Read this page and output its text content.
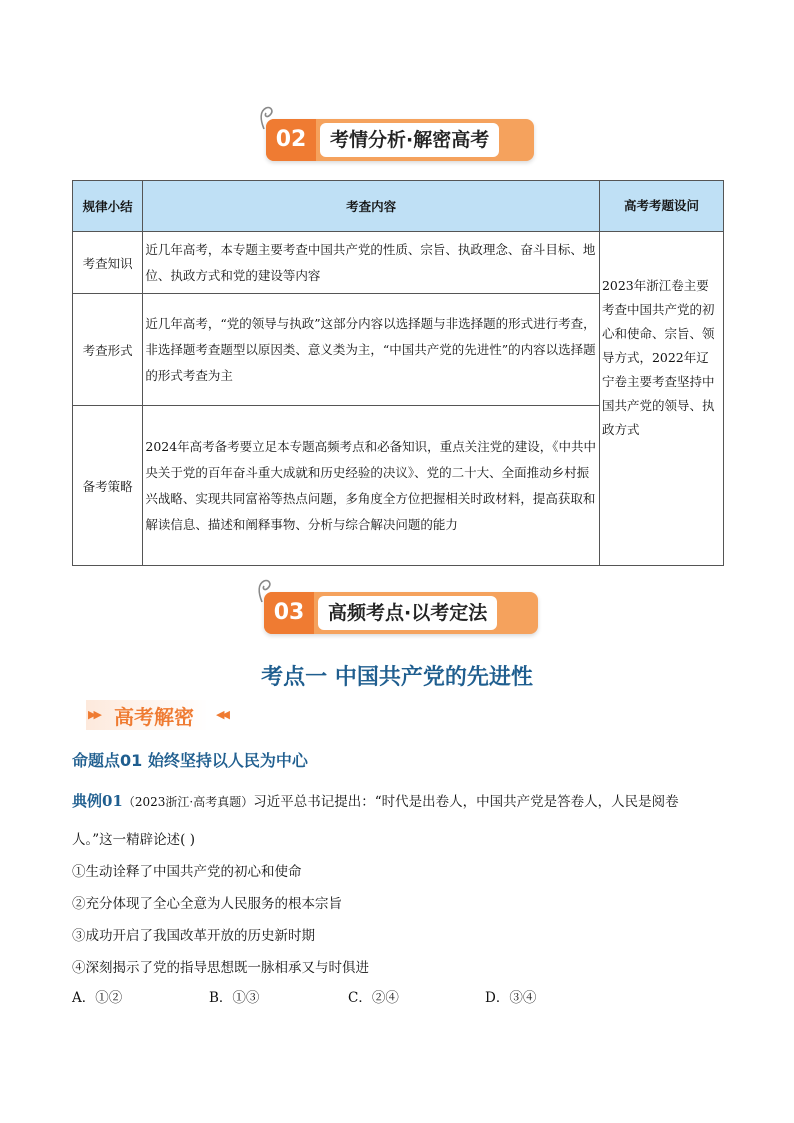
02	考情分析·解密高考
规律小结	考查内容	高考考题设问
考查知识	近几年高考，本专题主要考查中国共产党的性质、宗旨、执政理念、奋斗目标、地位、执政方式和党的建设等内容	2023年浙江卷主要考查中国共产党的初心和使命、宗旨、领导方式，2022年辽宁卷主要考查坚持中国共产党的领导、执政方式
考查形式	近几年高考，“党的领导与执政”这部分内容以选择题与非选择题的形式进行考查，非选择题考查题型以原因类、意义类为主，“中国共产党的先进性”的内容以选择题的形式考查为主	
备考策略	2024年高考备考要立足本专题高频考点和必备知识，重点关注党的建设，《中共中央关于党的百年奋斗重大成就和历史经验的决议》、党的二十大、全面推动乡村振兴战略、实现共同富裕等热点问题，多角度全方位把握相关时政材料，提高获取和解读信息、描述和阐释事物、分析与综合解决问题的能力	
03	高频考点·以考定法
考点一 中国共产党的先进性
▶▶ 高考解密 ◀◀
命题点01 始终坚持以人民为中心
典例01（2023浙江·高考真题）习近平总书记提出：“时代是出卷人，中国共产党是答卷人，人民是阅卷
人。”这一精辟论述( )
①生动诠释了中国共产党的初心和使命
②充分体现了全心全意为人民服务的根本宗旨
③成功开启了我国改革开放的历史新时期
④深刻揭示了党的指导思想既一脉相承又与时俱进
A．①②	B．①③	C．②④	D．③④
